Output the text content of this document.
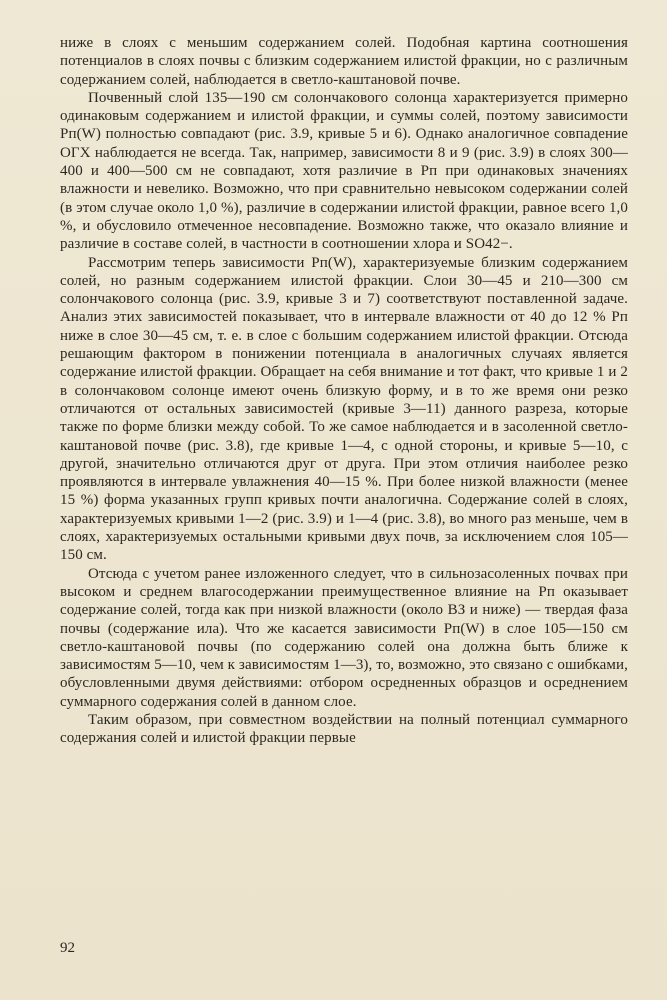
ниже в слоях с меньшим содержанием солей. Подобная картина соотношения потенциалов в слоях почвы с близким содержанием илистой фракции, но с различным содержанием солей, наблюдается в светло-каштановой почве.

Почвенный слой 135—190 см солончакового солонца характеризуется примерно одинаковым содержанием и илистой фракции, и суммы солей, поэтому зависимости Pп(W) полностью совпадают (рис. 3.9, кривые 5 и 6). Однако аналогичное совпадение ОГХ наблюдается не всегда. Так, например, зависимости 8 и 9 (рис. 3.9) в слоях 300—400 и 400—500 см не совпадают, хотя различие в Pп при одинаковых значениях влажности и невелико. Возможно, что при сравнительно невысоком содержании солей (в этом случае около 1,0 %), различие в содержании илистой фракции, равное всего 1,0 %, и обусловило отмеченное несовпадение. Возможно также, что оказало влияние и различие в составе солей, в частности в соотношении хлора и SO42−.

Рассмотрим теперь зависимости Pп(W), характеризуемые близким содержанием солей, но разным содержанием илистой фракции. Слои 30—45 и 210—300 см солончакового солонца (рис. 3.9, кривые 3 и 7) соответствуют поставленной задаче. Анализ этих зависимостей показывает, что в интервале влажности от 40 до 12 % Pп ниже в слое 30—45 см, т. е. в слое с большим содержанием илистой фракции. Отсюда решающим фактором в понижении потенциала в аналогичных случаях является содержание илистой фракции. Обращает на себя внимание и тот факт, что кривые 1 и 2 в солончаковом солонце имеют очень близкую форму, и в то же время они резко отличаются от остальных зависимостей (кривые 3—11) данного разреза, которые также по форме близки между собой. То же самое наблюдается и в засоленной светло-каштановой почве (рис. 3.8), где кривые 1—4, с одной стороны, и кривые 5—10, с другой, значительно отличаются друг от друга. При этом отличия наиболее резко проявляются в интервале увлажнения 40—15 %. При более низкой влажности (менее 15 %) форма указанных групп кривых почти аналогична. Содержание солей в слоях, характеризуемых кривыми 1—2 (рис. 3.9) и 1—4 (рис. 3.8), во много раз меньше, чем в слоях, характеризуемых остальными кривыми двух почв, за исключением слоя 105—150 см.

Отсюда с учетом ранее изложенного следует, что в сильнозасоленных почвах при высоком и среднем влагосодержании преимущественное влияние на Pп оказывает содержание солей, тогда как при низкой влажности (около ВЗ и ниже) — твердая фаза почвы (содержание ила). Что же касается зависимости Pп(W) в слое 105—150 см светло-каштановой почвы (по содержанию солей она должна быть ближе к зависимостям 5—10, чем к зависимостям 1—3), то, возможно, это связано с ошибками, обусловленными двумя действиями: отбором осредненных образцов и осреднением суммарного содержания солей в данном слое.

Таким образом, при совместном воздействии на полный потенциал суммарного содержания солей и илистой фракции первые

92
